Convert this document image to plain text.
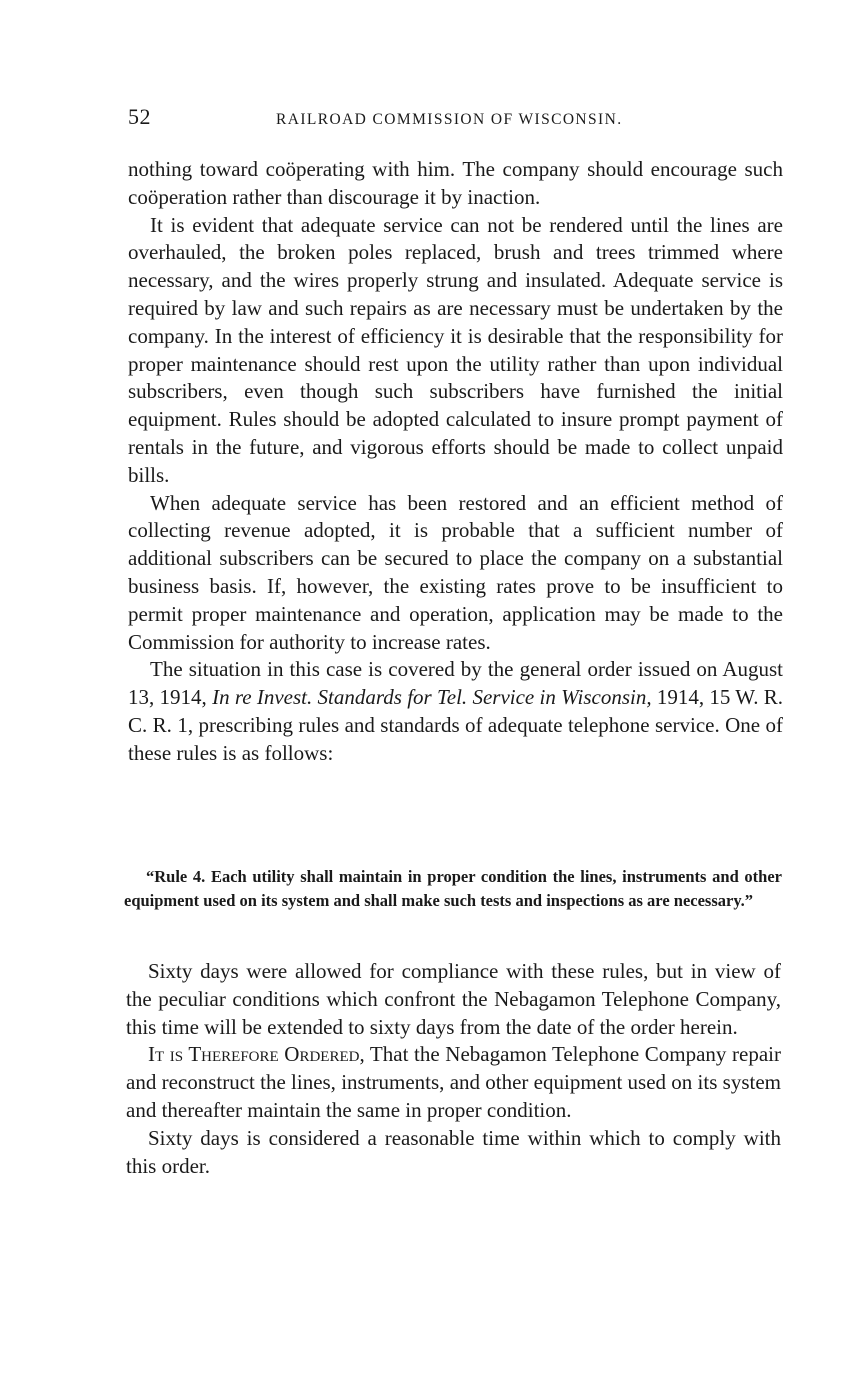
52	RAILROAD COMMISSION OF WISCONSIN.

nothing toward coöperating with him. The company should encourage such coöperation rather than discourage it by inaction.

It is evident that adequate service can not be rendered until the lines are overhauled, the broken poles replaced, brush and trees trimmed where necessary, and the wires properly strung and insulated. Adequate service is required by law and such repairs as are necessary must be undertaken by the company. In the interest of efficiency it is desirable that the responsibility for proper maintenance should rest upon the utility rather than upon individual subscribers, even though such subscribers have furnished the initial equipment. Rules should be adopted calculated to insure prompt payment of rentals in the future, and vigorous efforts should be made to collect unpaid bills.

When adequate service has been restored and an efficient method of collecting revenue adopted, it is probable that a sufficient number of additional subscribers can be secured to place the company on a substantial business basis. If, however, the existing rates prove to be insufficient to permit proper maintenance and operation, application may be made to the Commission for authority to increase rates.

The situation in this case is covered by the general order issued on August 13, 1914, In re Invest. Standards for Tel. Service in Wisconsin, 1914, 15 W. R. C. R. 1, prescribing rules and standards of adequate telephone service. One of these rules is as follows:

“Rule 4. Each utility shall maintain in proper condition the lines, instruments and other equipment used on its system and shall make such tests and inspections as are necessary.”

Sixty days were allowed for compliance with these rules, but in view of the peculiar conditions which confront the Nebagamon Telephone Company, this time will be extended to sixty days from the date of the order herein.

It is Therefore Ordered, That the Nebagamon Telephone Company repair and reconstruct the lines, instruments, and other equipment used on its system and thereafter maintain the same in proper condition.

Sixty days is considered a reasonable time within which to comply with this order.
